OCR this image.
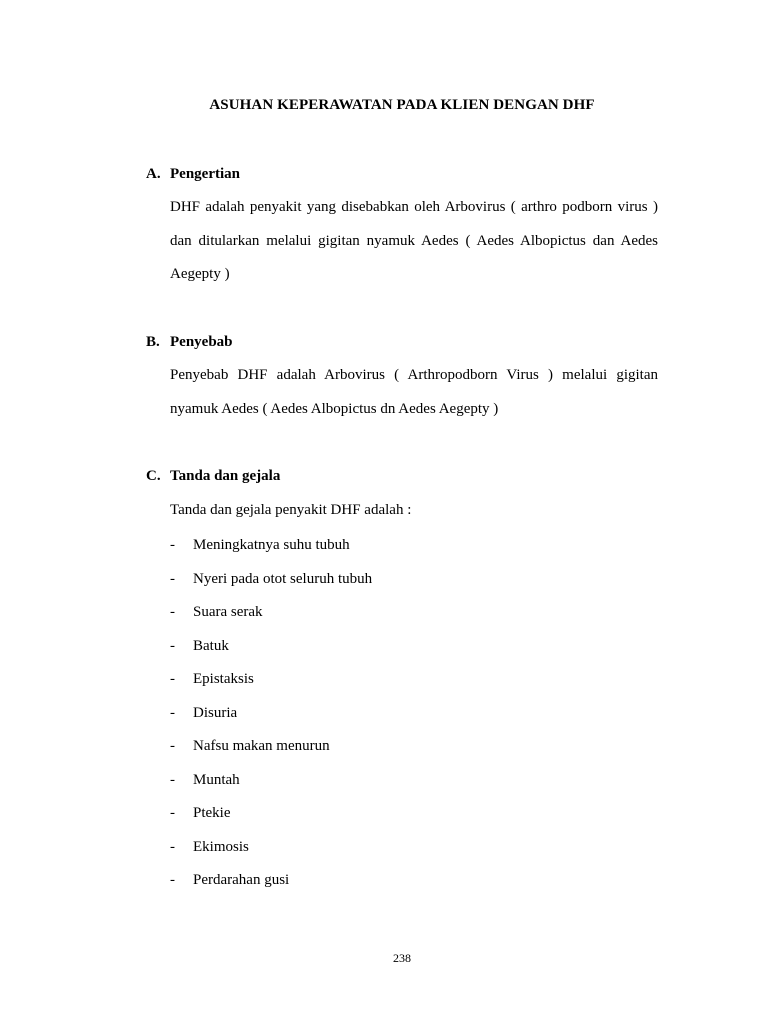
ASUHAN KEPERAWATAN PADA KLIEN DENGAN DHF
A. Pengertian
DHF adalah penyakit yang disebabkan oleh Arbovirus ( arthro podborn virus )
dan ditularkan melalui gigitan nyamuk Aedes ( Aedes Albopictus dan Aedes
Aegepty )
B. Penyebab
Penyebab DHF adalah Arbovirus ( Arthropodborn Virus ) melalui gigitan
nyamuk Aedes ( Aedes Albopictus dn Aedes Aegepty )
C. Tanda dan gejala
Tanda dan gejala penyakit DHF adalah :
- Meningkatnya suhu tubuh
- Nyeri pada otot seluruh tubuh
- Suara serak
- Batuk
- Epistaksis
- Disuria
- Nafsu makan menurun
- Muntah
- Ptekie
- Ekimosis
- Perdarahan gusi
238
